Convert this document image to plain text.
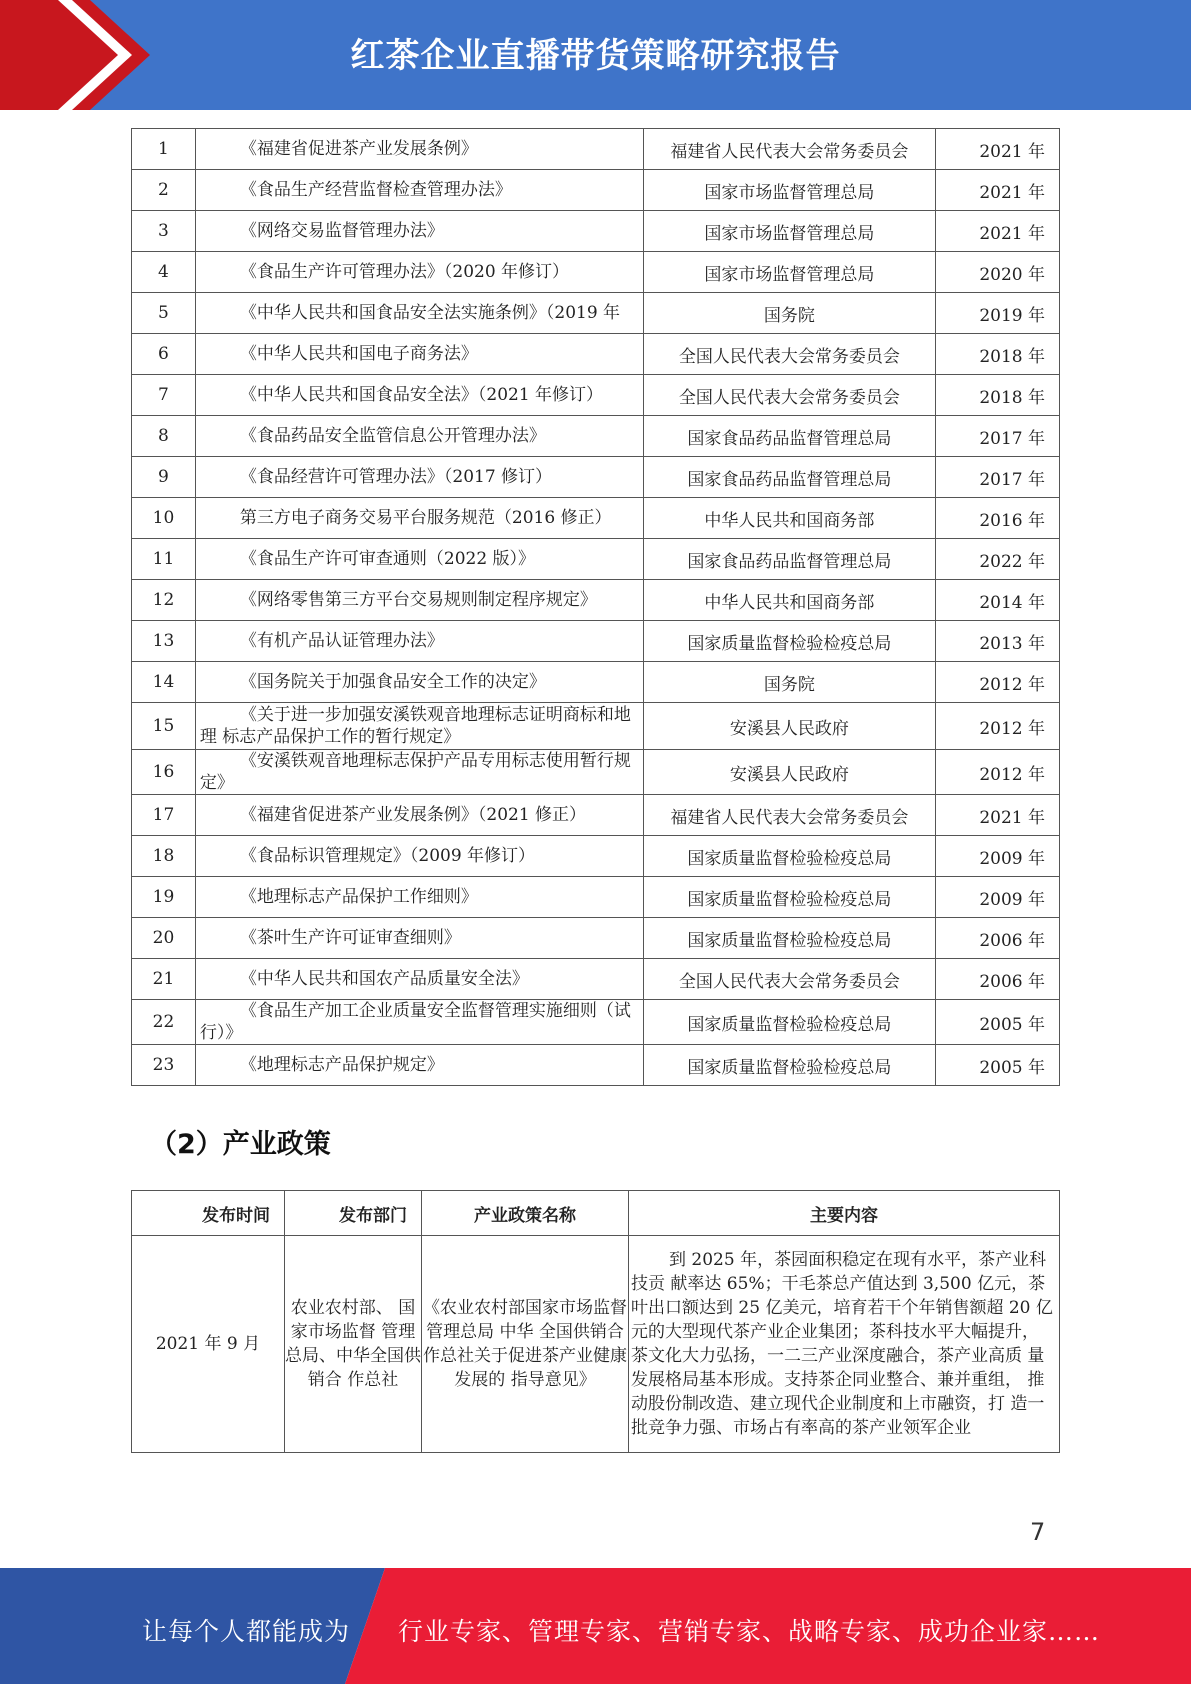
红茶企业直播带货策略研究报告
1	《福建省促进茶产业发展条例》	福建省人民代表大会常务委员会	2021 年
2	《食品生产经营监督检查管理办法》	国家市场监督管理总局	2021 年
3	《网络交易监督管理办法》	国家市场监督管理总局	2021 年
4	《食品生产许可管理办法》（2020 年修订）	国家市场监督管理总局	2020 年
5	《中华人民共和国食品安全法实施条例》（2019 年	国务院	2019 年
6	《中华人民共和国电子商务法》	全国人民代表大会常务委员会	2018 年
7	《中华人民共和国食品安全法》（2021 年修订）	全国人民代表大会常务委员会	2018 年
8	《食品药品安全监管信息公开管理办法》	国家食品药品监督管理总局	2017 年
9	《食品经营许可管理办法》（2017 修订）	国家食品药品监督管理总局	2017 年
10	第三方电子商务交易平台服务规范（2016 修正）	中华人民共和国商务部	2016 年
11	《食品生产许可审查通则（2022 版）》	国家食品药品监督管理总局	2022 年
12	《网络零售第三方平台交易规则制定程序规定》	中华人民共和国商务部	2014 年
13	《有机产品认证管理办法》	国家质量监督检验检疫总局	2013 年
14	《国务院关于加强食品安全工作的决定》	国务院	2012 年
15	《关于进一步加强安溪铁观音地理标志证明商标和地理 标志产品保护工作的暂行规定》	安溪县人民政府	2012 年
16	《安溪铁观音地理标志保护产品专用标志使用暂行规定》	安溪县人民政府	2012 年
17	《福建省促进茶产业发展条例》（2021 修正）	福建省人民代表大会常务委员会	2021 年
18	《食品标识管理规定》（2009 年修订）	国家质量监督检验检疫总局	2009 年
19	《地理标志产品保护工作细则》	国家质量监督检验检疫总局	2009 年
20	《茶叶生产许可证审查细则》	国家质量监督检验检疫总局	2006 年
21	《中华人民共和国农产品质量安全法》	全国人民代表大会常务委员会	2006 年
22	《食品生产加工企业质量安全监督管理实施细则（试行）》	国家质量监督检验检疫总局	2005 年
23	《地理标志产品保护规定》	国家质量监督检验检疫总局	2005 年
（2）产业政策
发布时间	发布部门	产业政策名称	主要内容
2021 年 9 月	农业农村部、 国家市场监督 管理总局、中华全国供销合 作总社	《农业农村部国家市场监督管理总局 中华 全国供销合作总社关于促进茶产业健康发展的 指导意见》	到 2025 年，茶园面积稳定在现有水平，茶产业科技贡 献率达 65%；干毛茶总产值达到 3,500 亿元，茶叶出口额达到 25 亿美元，培育若干个年销售额超 20 亿元的大型现代茶产业企业集团；茶科技水平大幅提升， 茶文化大力弘扬，一二三产业深度融合，茶产业高质 量发展格局基本形成。支持茶企同业整合、兼并重组， 推动股份制改造、建立现代企业制度和上市融资，打 造一批竞争力强、市场占有率高的茶产业领军企业
7
让每个人都能成为 行业专家、管理专家、营销专家、战略专家、成功企业家……
